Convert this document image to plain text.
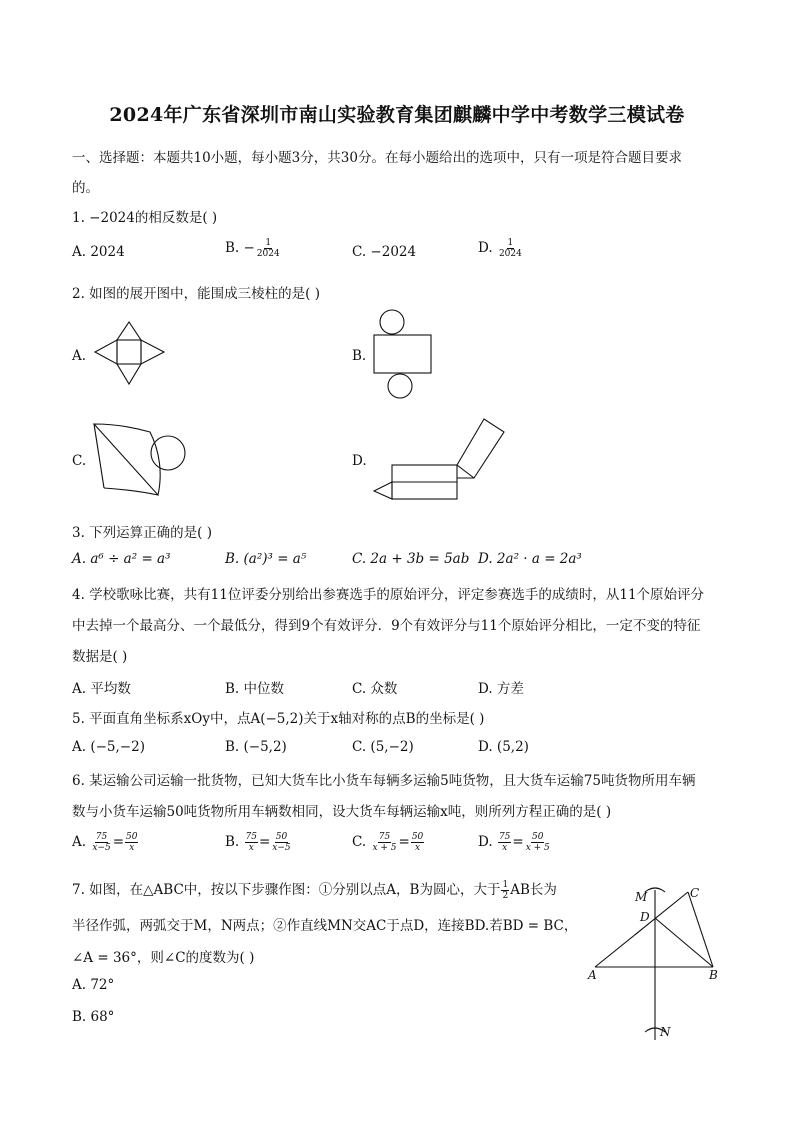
2024年广东省深圳市南山实验教育集团麒麟中学中考数学三模试卷
一、选择题：本题共10小题，每小题3分，共30分。在每小题给出的选项中，只有一项是符合题目要求
的。
1. −2024的相反数是( )
A. 2024	B. − $\frac{1}{2024}$	C. −2024	D. $\frac{1}{2024}$
2. 如图的展开图中，能围成三棱柱的是( )
A.	B.
C.	D.
3. 下列运算正确的是( )
A. a⁶ ÷ a² = a³	B. (a²)³ = a⁵	C. 2a + 3b = 5ab D. 2a² · a = 2a³
4. 学校歌咏比赛，共有11位评委分别给出参赛选手的原始评分，评定参赛选手的成绩时，从11个原始评分
中去掉一个最高分、一个最低分，得到9个有效评分．9个有效评分与11个原始评分相比，一定不变的特征
数据是( )
A. 平均数	B. 中位数	C. 众数	D. 方差
5. 平面直角坐标系xOy中，点A(−5,2)关于x轴对称的点B的坐标是( )
A. (−5,−2)	B. (−5,2)	C. (5,−2)	D. (5,2)
6. 某运输公司运输一批货物，已知大货车比小货车每辆多运输5吨货物，且大货车运输75吨货物所用车辆
数与小货车运输50吨货物所用车辆数相同，设大货车每辆运输x吨，则所列方程正确的是( )
A. $\frac{75}{x-5} = \frac{50}{x}$	B. $\frac{75}{x} = \frac{50}{x-5}$	C. $\frac{75}{x + 5} = \frac{50}{x}$	D. $\frac{75}{x} = \frac{50}{x + 5}$
7. 如图，在△ABC中，按以下步骤作图：①分别以点A，B为圆心，大于 $\frac{1}{2}$ AB长为
半径作弧，两弧交于M，N两点；②作直线MN交AC于点D，连接BD.若BD = BC，
∠A = 36°，则∠C的度数为( )
A. 72°
B. 68°
M	C
D
A	B
N
